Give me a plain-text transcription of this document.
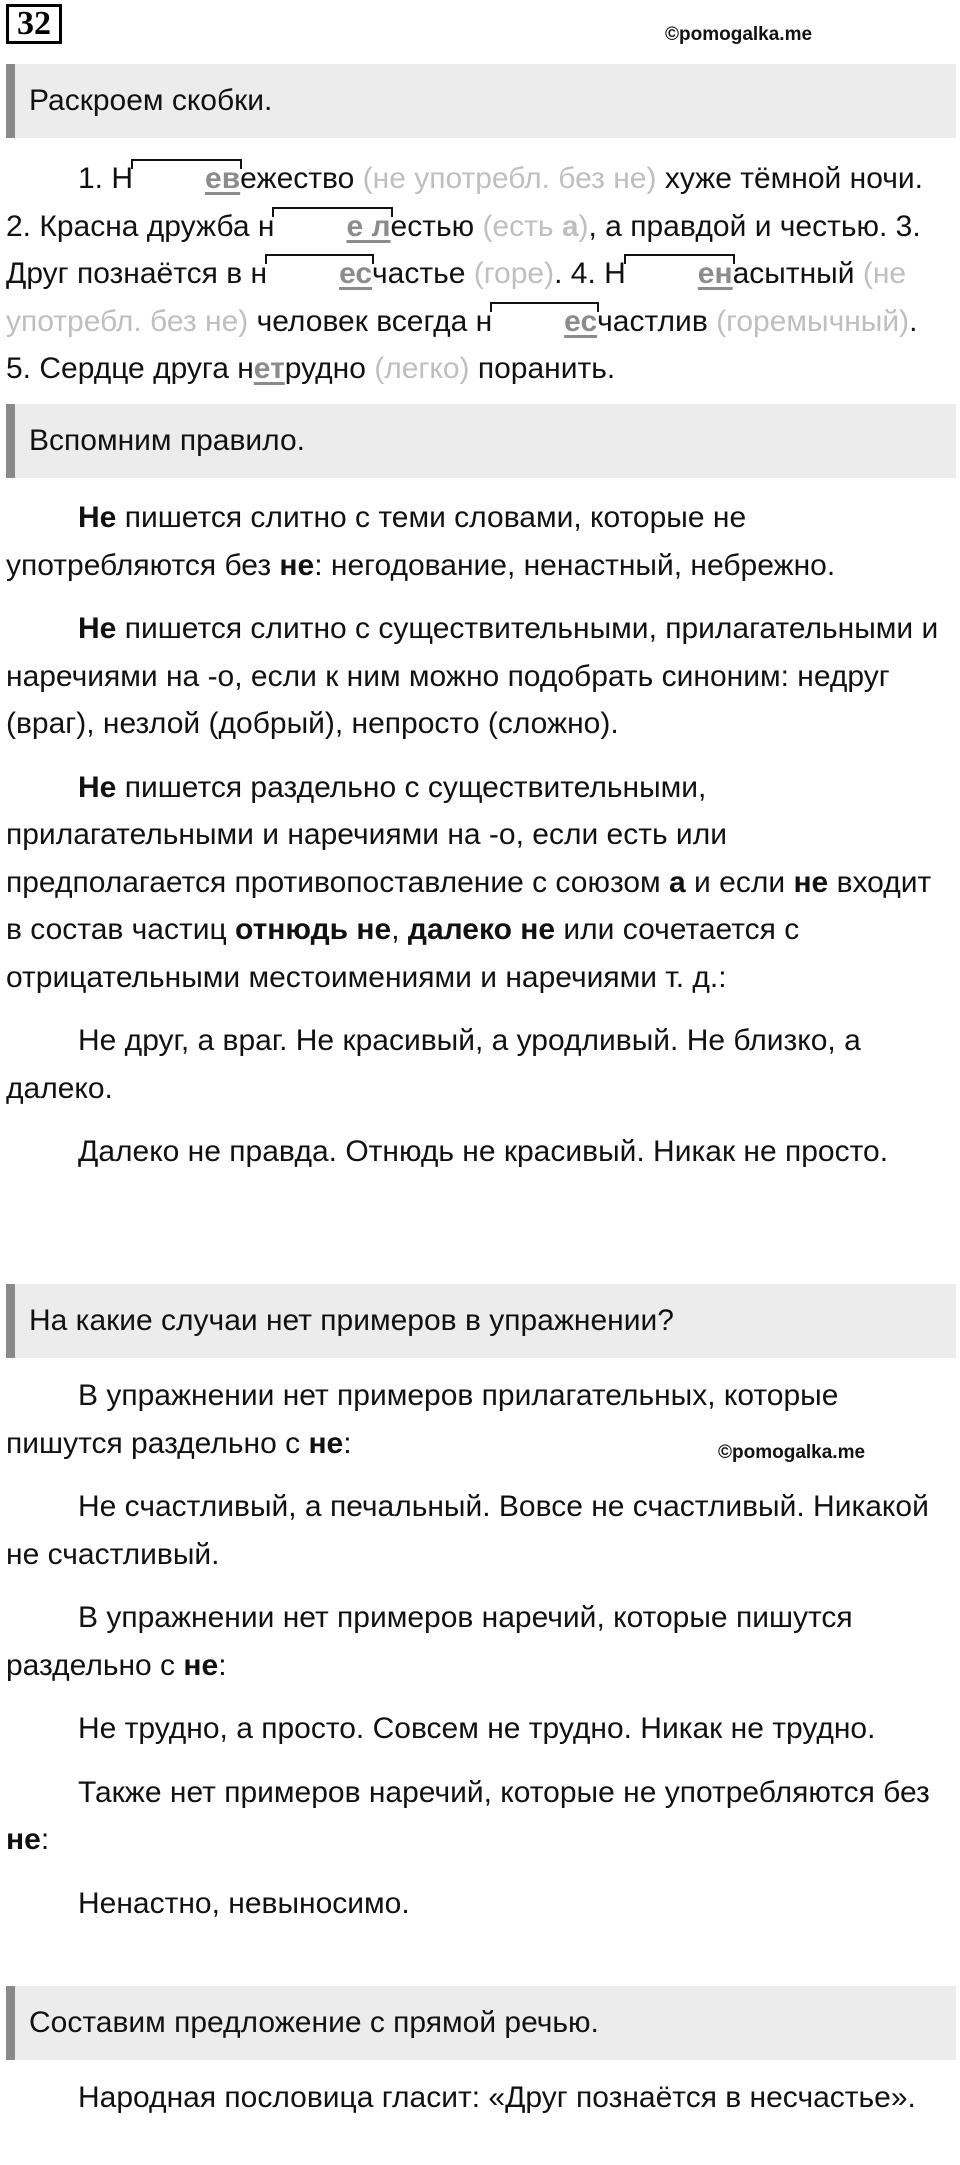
32	©pomogalka.me
Раскроем скобки.

1. Н евежество (не употребл. без не) хуже тёмной ночи. 2. Красна дружба н е лестью (есть а), а правдой и честью. 3. Друг познаётся в н есчастье (горе). 4. Н енасытный (не употребл. без не) человек всегда н есчастлив (горемычный). 5. Сердце друга нетрудно (легко) поранить.

Вспомним правило.

Не пишется слитно с теми словами, которые не употребляются без не: негодование, ненастный, небрежно.

Не пишется слитно с существительными, прилагательными и наречиями на -о, если к ним можно подобрать синоним: недруг (враг), незлой (добрый), непросто (сложно).

Не пишется раздельно с существительными, прилагательными и наречиями на -о, если есть или предполагается противопоставление с союзом а и если не входит в состав частиц отнюдь не, далеко не или сочетается с отрицательными местоимениями и наречиями т. д.:

Не друг, а враг. Не красивый, а уродливый. Не близко, а далеко.

Далеко не правда. Отнюдь не красивый. Никак не просто.

На какие случаи нет примеров в упражнении?

В упражнении нет примеров прилагательных, которые пишутся раздельно с не:

Не счастливый, а печальный. Вовсе не счастливый. Никакой не счастливый.

В упражнении нет примеров наречий, которые пишутся раздельно с не:

Не трудно, а просто. Совсем не трудно. Никак не трудно.

Также нет примеров наречий, которые не употребляются без не:

Ненастно, невыносимо.

©pomogalka.me
Составим предложение с прямой речью.

Народная пословица гласит: «Друг познаётся в несчастье».
